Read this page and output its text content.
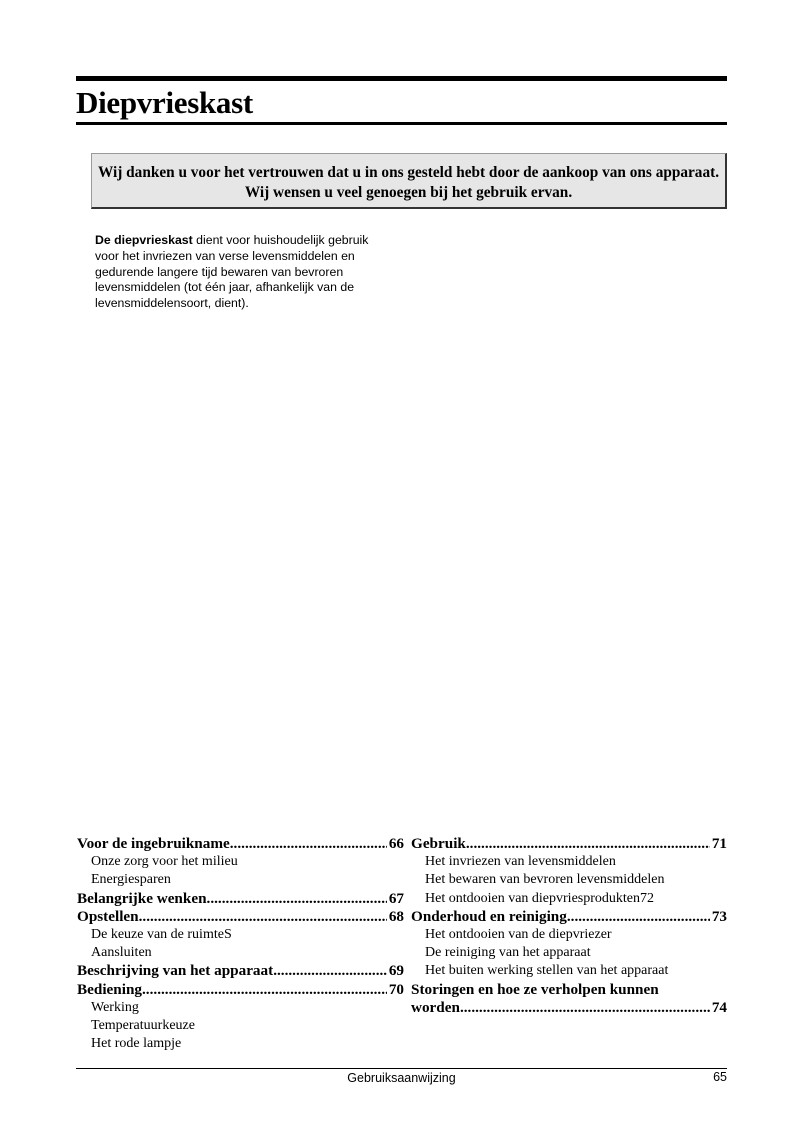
Diepvrieskast
Wij danken u voor het vertrouwen dat u in ons gesteld hebt door de aankoop van ons apparaat. Wij wensen u veel genoegen bij het gebruik ervan.
De diepvrieskast dient voor huishoudelijk gebruik voor het invriezen van verse levensmiddelen en gedurende langere tijd bewaren van bevroren levensmiddelen (tot één jaar, afhankelijk van de levensmiddelensoort, dient).
Voor de ingebruikname .....	66
Onze zorg voor het milieu
Energiesparen
Belangrijke wenken .....	67
Opstellen .....	68
De keuze van de ruimteS
Aansluiten
Beschrijving van het apparaat .....	69
Bediening .....	70
Werking
Temperatuurkeuze
Het rode lampje
Gebruik .....	71
Het invriezen van levensmiddelen
Het bewaren van bevroren levensmiddelen
Het ontdooien van diepvriesprodukten72
Onderhoud en reiniging .....	73
Het ontdooien van de diepvriezer
De reiniging van het apparaat
Het buiten werking stellen van het apparaat
Storingen en hoe ze verholpen kunnen
worden .....	74
Gebruiksaanwijzing	65
